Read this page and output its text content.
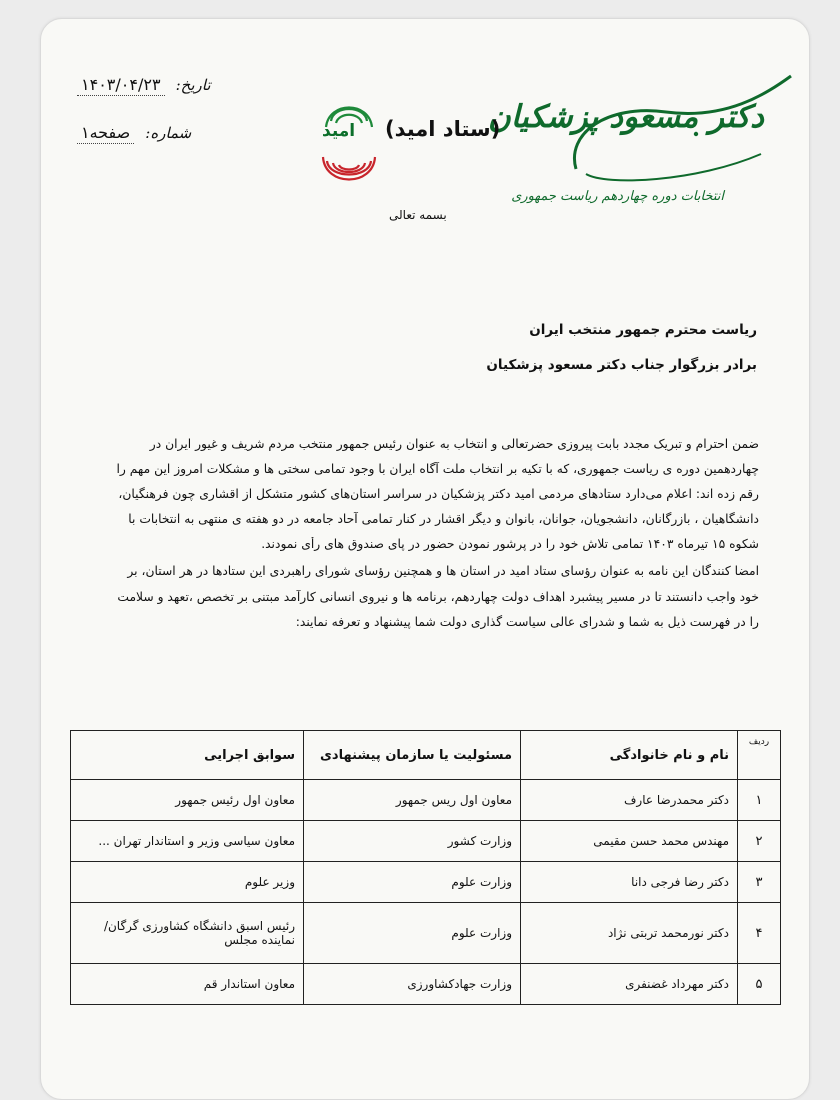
دکتر مسعود پزشکیان
انتخابات دوره چهاردهم ریاست جمهوری
امید (ستاد امید)
بسمه تعالی
تاریخ: ۱۴۰۳/۰۴/۲۳
شماره: صفحه۱
ریاست محترم جمهور منتخب ایران
برادر بزرگوار جناب دکتر مسعود پزشکیان
ضمن احترام و تبریک مجدد بابت پیروزی حضرتعالی و انتخاب به عنوان رئیس جمهور منتخب مردم شریف و غیور ایران در
چهاردهمین دوره ی ریاست جمهوری، که با تکیه بر انتخاب ملت آگاه ایران با وجود تمامی سختی ها و مشکلات امروز این مهم را
رقم زده اند: اعلام می‌دارد ستادهای مردمی امید دکتر پزشکیان در سراسر استان‌های کشور متشکل از اقشاری چون فرهنگیان،
دانشگاهیان ، بازرگانان، دانشجویان، جوانان، بانوان و دیگر اقشار در کنار تمامی آحاد جامعه در دو هفته ی منتهی به انتخابات با
شکوه ۱۵ تیرماه ۱۴۰۳ تمامی تلاش خود را در پرشور نمودن حضور در پای صندوق های رأی نمودند.
امضا کنندگان این نامه به عنوان رؤسای ستاد امید در استان ها و همچنین رؤسای شورای راهبردی این ستادها در هر استان، بر
خود واجب دانستند تا در مسیر پیشبرد اهداف دولت چهاردهم، برنامه ها و نیروی انسانی کارآمد مبتنی بر تخصص ،تعهد و سلامت
را در فهرست ذیل به شما و شدرای عالی سیاست گذاری دولت شما پیشنهاد و تعرفه نمایند:
ردیف	نام و نام خانوادگی	مسئولیت یا سازمان پیشنهادی	سوابق اجرایی
۱	دکتر محمدرضا عارف	معاون اول ریس جمهور	معاون اول رئیس جمهور
۲	مهندس محمد حسن مقیمی	وزارت کشور	معاون سیاسی وزیر و استاندار تهران ...
۳	دکتر رضا فرجی دانا	وزارت علوم	وزیر علوم
۴	دکتر نورمحمد تربتی نژاد	وزارت علوم	رئیس اسبق دانشگاه کشاورزی گرگان/ نماینده مجلس
۵	دکتر مهرداد غضنفری	وزارت جهادکشاورزی	معاون استاندار قم
